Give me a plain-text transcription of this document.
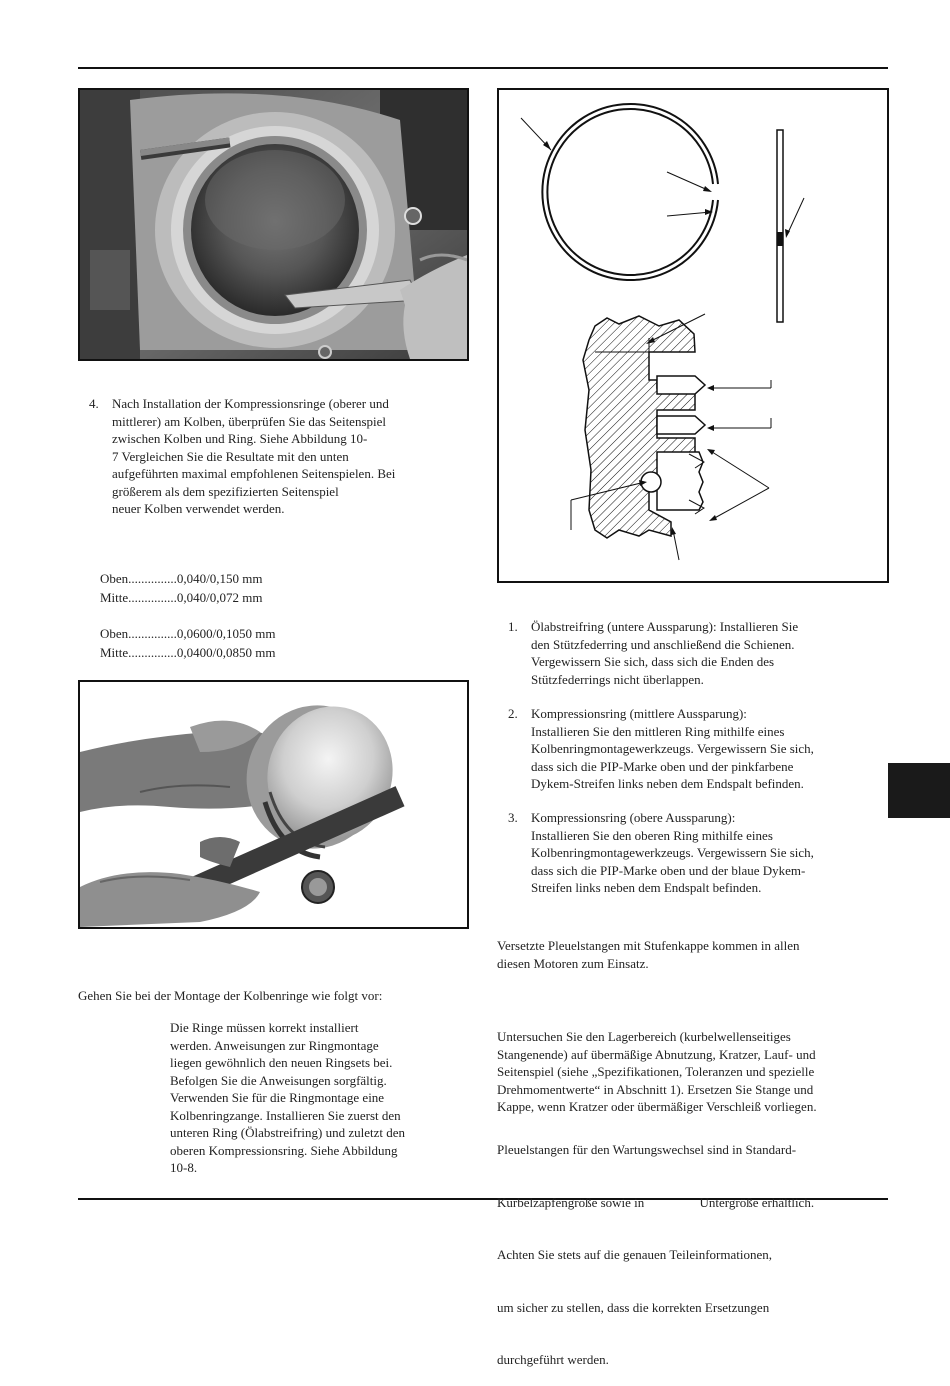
4. Nach Installation der Kompressionsringe (oberer und

mittlerer) am Kolben, überprüfen Sie das Seitenspiel

zwischen Kolben und Ring. Siehe Abbildung 10-

7 Vergleichen Sie die Resultate mit den unten

aufgeführten maximal empfohlenen Seitenspielen. Bei

größerem als dem spezifizierten Seitenspiel

neuer Kolben verwendet werden.

Oben...............0,040/0,150 mm
Mitte...............0,040/0,072 mm
Oben...............0,0600/0,1050 mm
Mitte...............0,0400/0,0850 mm
Gehen Sie bei der Montage der Kolbenringe wie folgt vor:

Die Ringe müssen korrekt installiert

werden. Anweisungen zur Ringmontage

liegen gewöhnlich den neuen Ringsets bei.

Befolgen Sie die Anweisungen sorgfältig.

Verwenden Sie für die Ringmontage eine

Kolbenringzange. Installieren Sie zuerst den

unteren Ring (Ölabstreifring) und zuletzt den

oberen Kompressionsring. Siehe Abbildung

10-8.

1. Ölabstreifring (untere Aussparung): Installieren Sie

den Stützfederring und anschließend die Schienen.

Vergewissern Sie sich, dass sich die Enden des

Stützfederrings nicht überlappen.

2. Kompressionsring (mittlere Aussparung):

Installieren Sie den mittleren Ring mithilfe eines

Kolbenringmontagewerkzeugs. Vergewissern Sie sich,

dass sich die PIP-Marke oben und der pinkfarbene

Dykem-Streifen links neben dem Endspalt befinden.

3. Kompressionsring (obere Aussparung):

Installieren Sie den oberen Ring mithilfe eines

Kolbenringmontagewerkzeugs. Vergewissern Sie sich,

dass sich die PIP-Marke oben und der blaue Dykem-

Streifen links neben dem Endspalt befinden.

Versetzte Pleuelstangen mit Stufenkappe kommen in allen

diesen Motoren zum Einsatz.

Untersuchen Sie den Lagerbereich (kurbelwellenseitiges

Stangenende) auf übermäßige Abnutzung, Kratzer, Lauf- und

Seitenspiel (siehe „Spezifikationen, Toleranzen und spezielle

Drehmomentwerte“ in Abschnitt 1). Ersetzen Sie Stange und

Kappe, wenn Kratzer oder übermäßiger Verschleiß vorliegen.

Pleuelstangen für den Wartungswechsel sind in Standard-

Kurbelzapfengröße sowie in                 Untergröße erhältlich.

Achten Sie stets auf die genauen Teileinformationen,

um sicher zu stellen, dass die korrekten Ersetzungen

durchgeführt werden.
